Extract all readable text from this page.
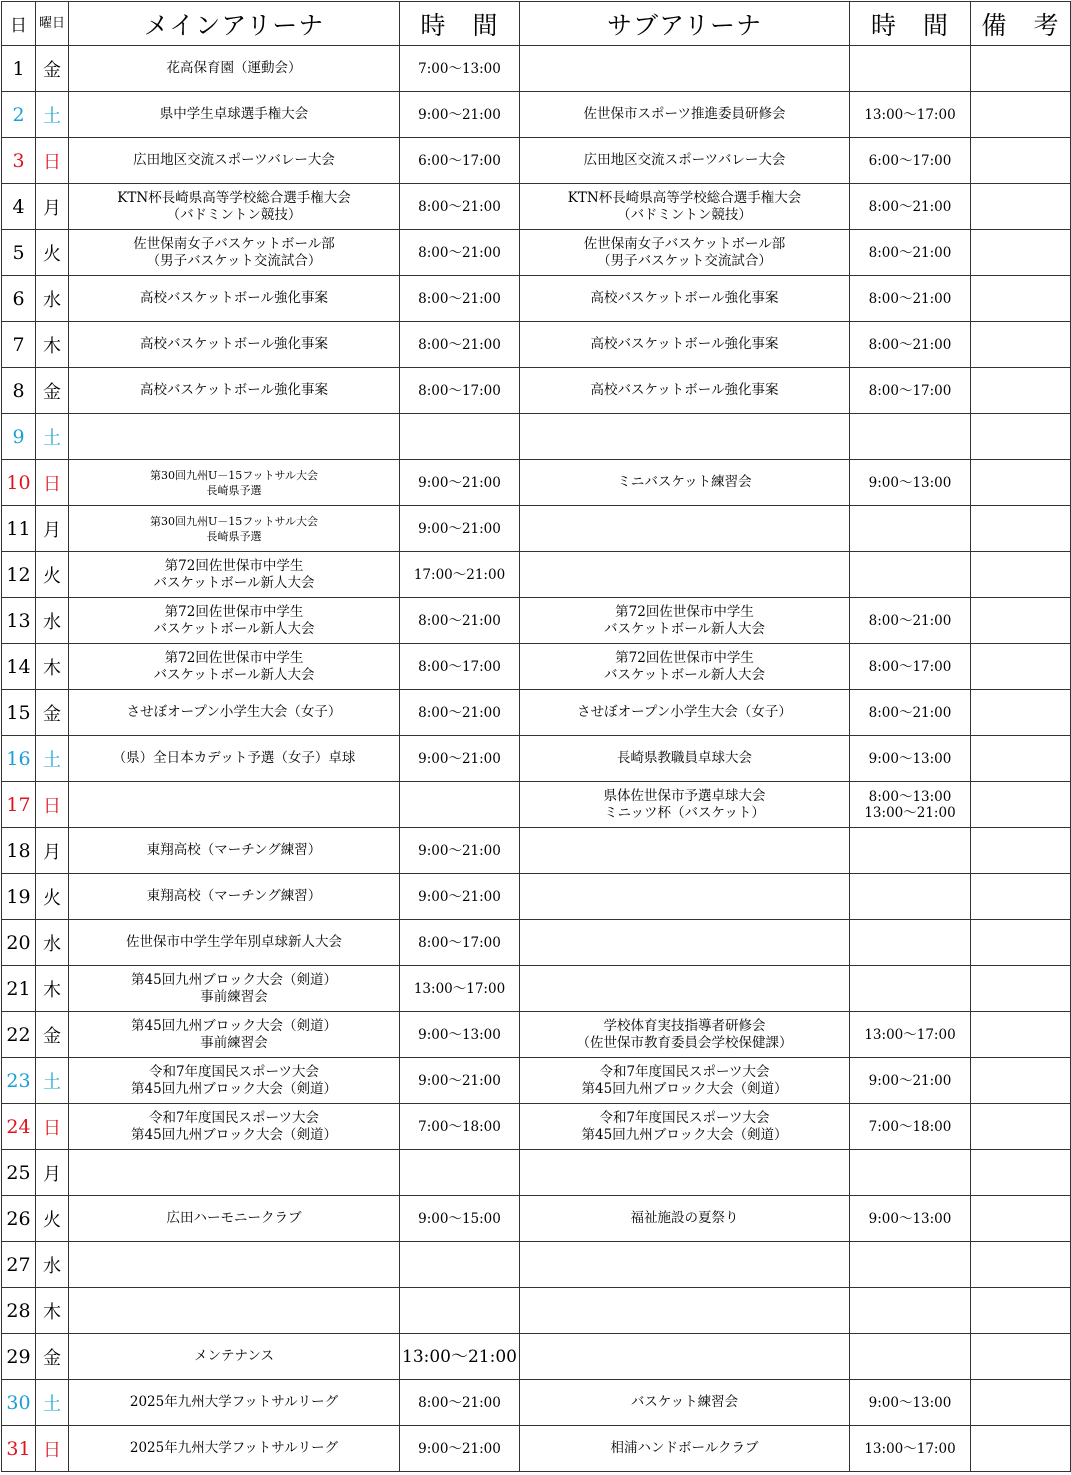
日	曜日	メインアリーナ	時　間	サブアリーナ	時　間	備　考
1	金	花高保育園（運動会）	7:00～13:00			
2	土	県中学生卓球選手権大会	9:00～21:00	佐世保市スポーツ推進委員研修会	13:00～17:00	
3	日	広田地区交流スポーツバレー大会	6:00～17:00	広田地区交流スポーツバレー大会	6:00～17:00	
4	月	KTN杯長崎県高等学校総合選手権大会
（バドミントン競技）	8:00～21:00	KTN杯長崎県高等学校総合選手権大会
（バドミントン競技）	8:00～21:00	
5	火	佐世保南女子バスケットボール部
（男子バスケット交流試合）	8:00～21:00	佐世保南女子バスケットボール部
（男子バスケット交流試合）	8:00～21:00	
6	水	高校バスケットボール強化事案	8:00～21:00	高校バスケットボール強化事案	8:00～21:00	
7	木	高校バスケットボール強化事案	8:00～21:00	高校バスケットボール強化事案	8:00～21:00	
8	金	高校バスケットボール強化事案	8:00～17:00	高校バスケットボール強化事案	8:00～17:00	
9	土					
10	日	第30回九州U－15フットサル大会
長崎県予選	9:00～21:00	ミニバスケット練習会	9:00～13:00	
11	月	第30回九州U－15フットサル大会
長崎県予選	9:00～21:00			
12	火	第72回佐世保市中学生
バスケットボール新人大会	17:00～21:00			
13	水	第72回佐世保市中学生
バスケットボール新人大会	8:00～21:00	第72回佐世保市中学生
バスケットボール新人大会	8:00～21:00	
14	木	第72回佐世保市中学生
バスケットボール新人大会	8:00～17:00	第72回佐世保市中学生
バスケットボール新人大会	8:00～17:00	
15	金	させぼオープン小学生大会（女子）	8:00～21:00	させぼオープン小学生大会（女子）	8:00～21:00	
16	土	（県）全日本カデット予選（女子）卓球	9:00～21:00	長崎県教職員卓球大会	9:00～13:00	
17	日			県体佐世保市予選卓球大会
ミニッツ杯（バスケット）	8:00～13:00
13:00～21:00	
18	月	東翔高校（マーチング練習）	9:00～21:00			
19	火	東翔高校（マーチング練習）	9:00～21:00			
20	水	佐世保市中学生学年別卓球新人大会	8:00～17:00			
21	木	第45回九州ブロック大会（剣道）
事前練習会	13:00～17:00			
22	金	第45回九州ブロック大会（剣道）
事前練習会	9:00～13:00	学校体育実技指導者研修会
（佐世保市教育委員会学校保健課）	13:00～17:00	
23	土	令和7年度国民スポーツ大会
第45回九州ブロック大会（剣道）	9:00～21:00	令和7年度国民スポーツ大会
第45回九州ブロック大会（剣道）	9:00～21:00	
24	日	令和7年度国民スポーツ大会
第45回九州ブロック大会（剣道）	7:00～18:00	令和7年度国民スポーツ大会
第45回九州ブロック大会（剣道）	7:00～18:00	
25	月					
26	火	広田ハーモニークラブ	9:00～15:00	福祉施設の夏祭り	9:00～13:00	
27	水					
28	木					
29	金	メンテナンス	13:00～21:00			
30	土	2025年九州大学フットサルリーグ	8:00～21:00	バスケット練習会	9:00～13:00	
31	日	2025年九州大学フットサルリーグ	9:00～21:00	相浦ハンドボールクラブ	13:00～17:00	
